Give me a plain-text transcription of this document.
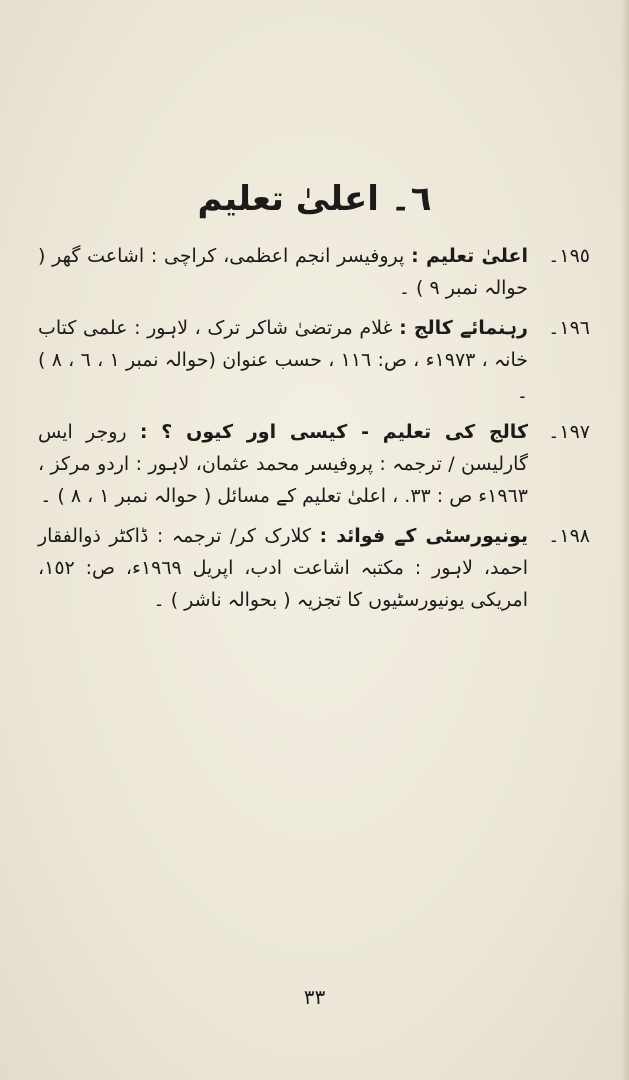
٦۔ اعلیٰ تعلیم
١٩٥۔
اعلیٰ تعلیم : پروفیسر انجم اعظمی، کراچی : اشاعت گھر ( حوالہ نمبر ٩ ) ۔
١٩٦۔
رہنمائے کالج : غلام مرتضیٰ شاکر ترک ، لاہور : علمی کتاب خانہ ، ١٩٧٣ء ، ص: ١١٦ ، حسب عنوان (حوالہ نمبر ١ ، ٦ ، ٨ ) ۔
١٩٧۔
کالج کی تعلیم - کیسی اور کیوں ؟ : روجر ایس گارلیسن / ترجمہ : پروفیسر محمد عثمان، لاہور : اردو مرکز ، ١٩٦٣ء ص : ٣٣. ، اعلیٰ تعلیم کے مسائل ( حوالہ نمبر ١ ، ٨ ) ۔
١٩٨۔
یونیورسٹی کے فوائد : کلارک کر/ ترجمہ : ڈاکٹر ذوالفقار احمد، لاہور : مکتبہ اشاعت ادب، اپریل ١٩٦٩ء، ص: ١٥٢، امریکی یونیورسٹیوں کا تجزیہ ( بحوالہ ناشر ) ۔
٣٣
